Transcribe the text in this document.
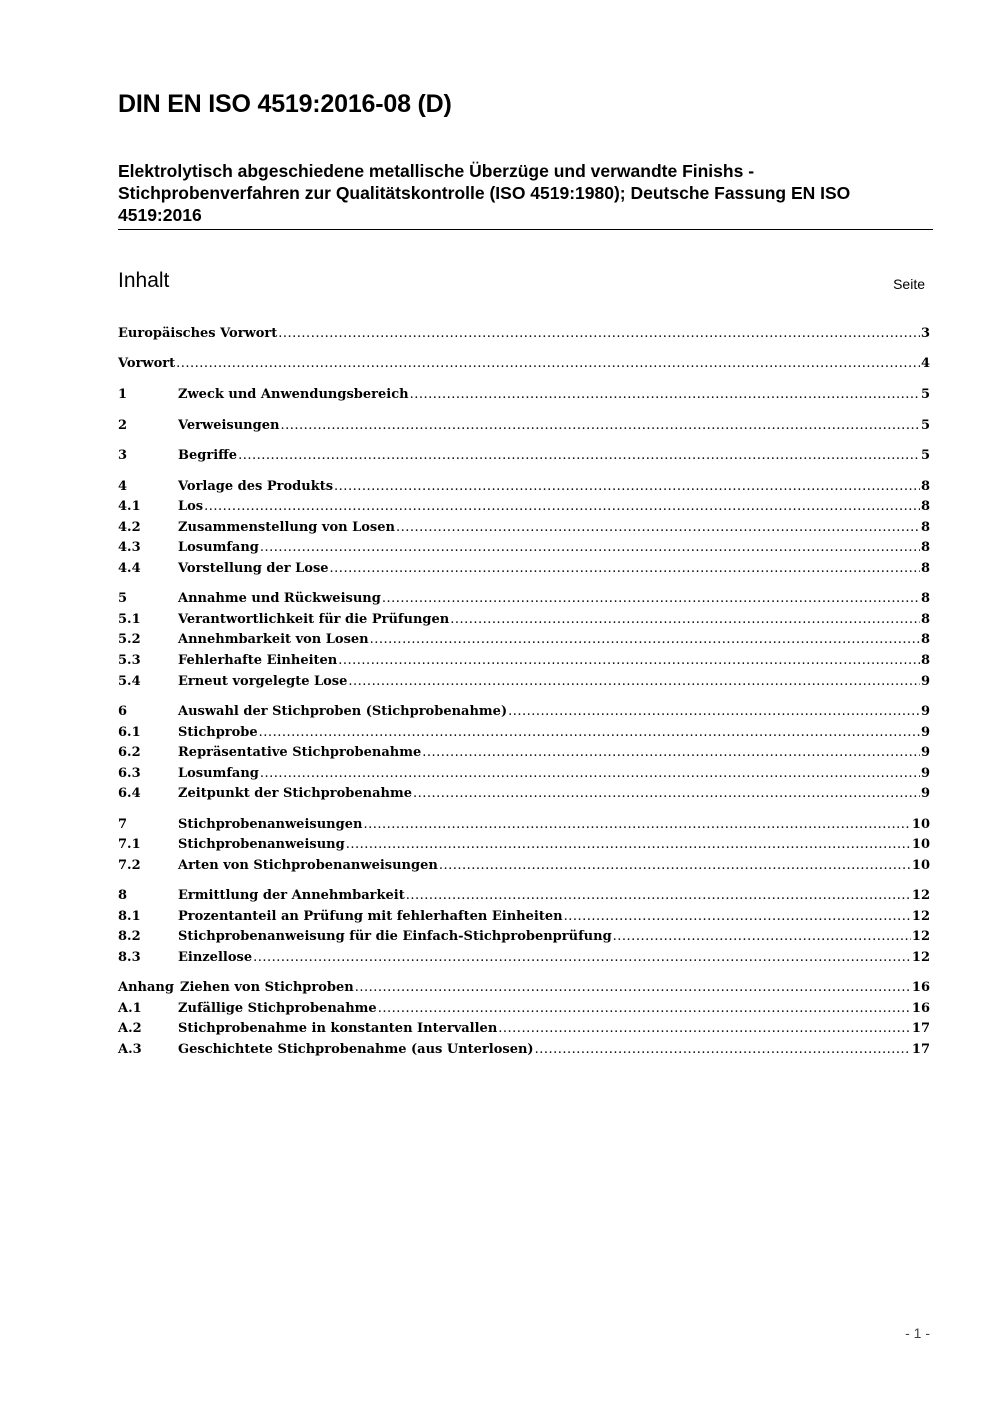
DIN EN ISO 4519:2016-08 (D)
Elektrolytisch abgeschiedene metallische Überzüge und verwandte Finishs - Stichprobenverfahren zur Qualitätskontrolle (ISO 4519:1980); Deutsche Fassung EN ISO 4519:2016
Inhalt	Seite
Europäisches Vorwort .....	3
Vorwort .....	4
1	Zweck und Anwendungsbereich .....	5
2	Verweisungen .....	5
3	Begriffe .....	5
4	Vorlage des Produkts .....	8
4.1	Los .....	8
4.2	Zusammenstellung von Losen .....	8
4.3	Losumfang .....	8
4.4	Vorstellung der Lose .....	8
5	Annahme und Rückweisung .....	8
5.1	Verantwortlichkeit für die Prüfungen .....	8
5.2	Annehmbarkeit von Losen .....	8
5.3	Fehlerhafte Einheiten .....	8
5.4	Erneut vorgelegte Lose .....	9
6	Auswahl der Stichproben (Stichprobenahme) .....	9
6.1	Stichprobe .....	9
6.2	Repräsentative Stichprobenahme .....	9
6.3	Losumfang .....	9
6.4	Zeitpunkt der Stichprobenahme .....	9
7	Stichprobenanweisungen .....	10
7.1	Stichprobenanweisung .....	10
7.2	Arten von Stichprobenanweisungen .....	10
8	Ermittlung der Annehmbarkeit .....	12
8.1	Prozentanteil an Prüfung mit fehlerhaften Einheiten .....	12
8.2	Stichprobenanweisung für die Einfach-Stichprobenprüfung .....	12
8.3	Einzellose .....	12
Anhang Ziehen von Stichproben .....	16
A.1	Zufällige Stichprobenahme .....	16
A.2	Stichprobenahme in konstanten Intervallen .....	17
A.3	Geschichtete Stichprobenahme (aus Unterlosen) .....	17
- 1 -
